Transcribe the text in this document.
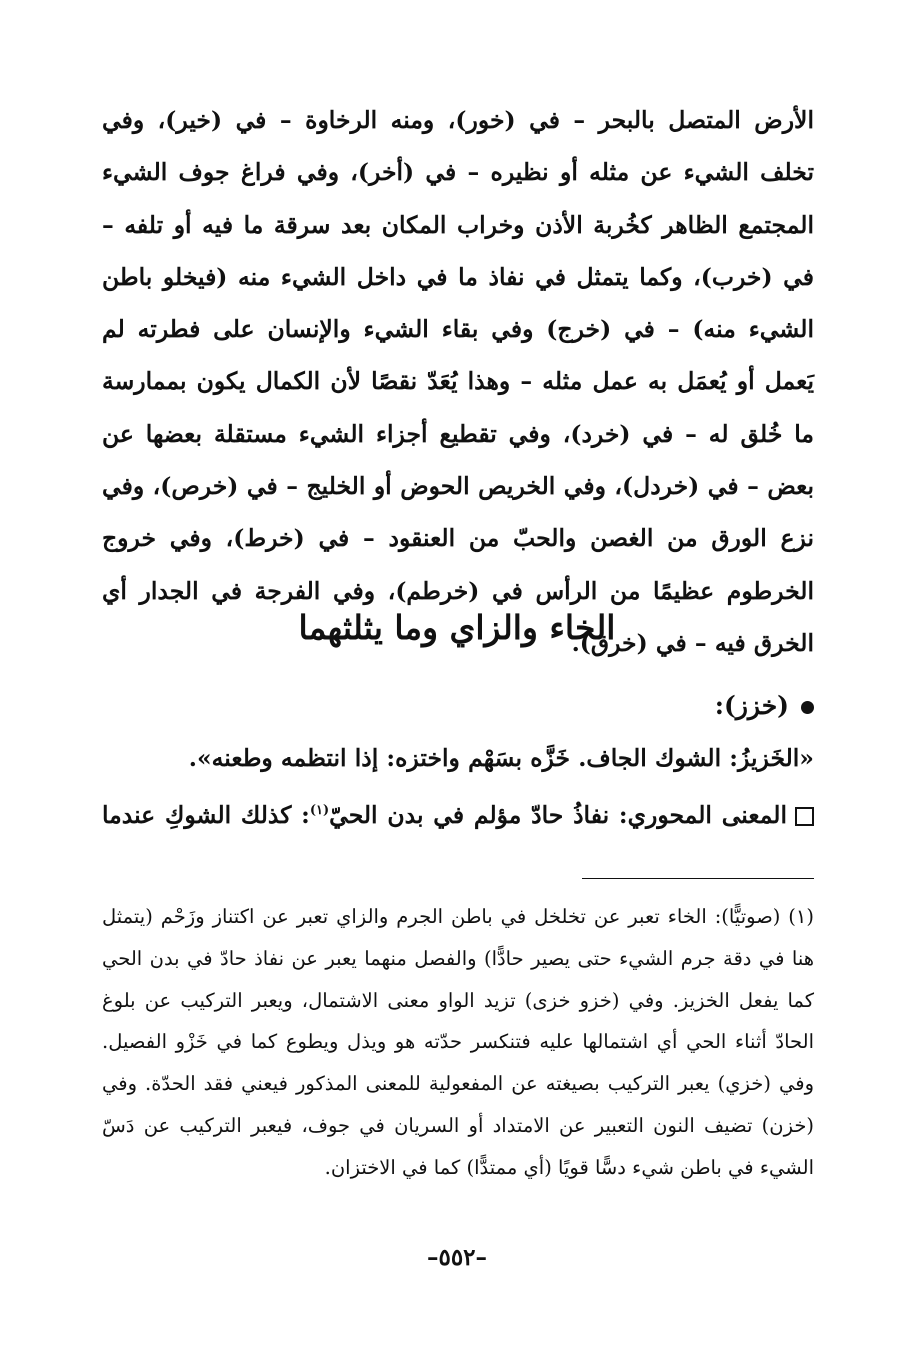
الأرض المتصل بالبحر – في (خور)، ومنه الرخاوة – في (خير)، وفي تخلف الشيء عن مثله أو نظيره – في (أخر)، وفي فراغ جوف الشيء المجتمع الظاهر كخُربة الأذن وخراب المكان بعد سرقة ما فيه أو تلفه – في (خرب)، وكما يتمثل في نفاذ ما في داخل الشيء منه (فيخلو باطن الشيء منه) – في (خرج) وفي بقاء الشيء والإنسان على فطرته لم يَعمل أو يُعمَل به عمل مثله – وهذا يُعَدّ نقصًا لأن الكمال يكون بممارسة ما خُلق له – في (خرد)، وفي تقطيع أجزاء الشيء مستقلة بعضها عن بعض – في (خردل)، وفي الخريص الحوض أو الخليج – في (خرص)، وفي نزع الورق من الغصن والحبّ من العنقود – في (خرط)، وفي خروج الخرطوم عظيمًا من الرأس في (خرطم)، وفي الفرجة في الجدار أي الخرق فيه – في (خرق).

الخاء والزاي وما يثلثهما

(خزز):

«الخَزيزُ: الشوك الجاف. خَزَّه بسَهْم واختزه: إذا انتظمه وطعنه».

المعنى المحوري: نفاذُ حادّ مؤلم في بدن الحيّ$^{(١)}$: كذلك الشوكِ عندما

(١) (صوتيًّا): الخاء تعبر عن تخلخل في باطن الجرم والزاي تعبر عن اكتناز وزَحْم (يتمثل هنا في دقة جرم الشيء حتى يصير حادًّا) والفصل منهما يعبر عن نفاذ حادّ في بدن الحي كما يفعل الخزيز. وفي (خزو خزى) تزيد الواو معنى الاشتمال، ويعبر التركيب عن بلوغ الحادّ أثناء الحي أي اشتمالها عليه فتنكسر حدّته هو ويذل ويطوع كما في خَزْو الفصيل. وفي (خزي) يعبر التركيب بصيغته عن المفعولية للمعنى المذكور فيعني فقد الحدّة. وفي (خزن) تضيف النون التعبير عن الامتداد أو السريان في جوف، فيعبر التركيب عن دَسّ الشيء في باطن شيء دسًّا قويًا (أي ممتدًّا) كما في الاختزان.

–٥٥٢–
